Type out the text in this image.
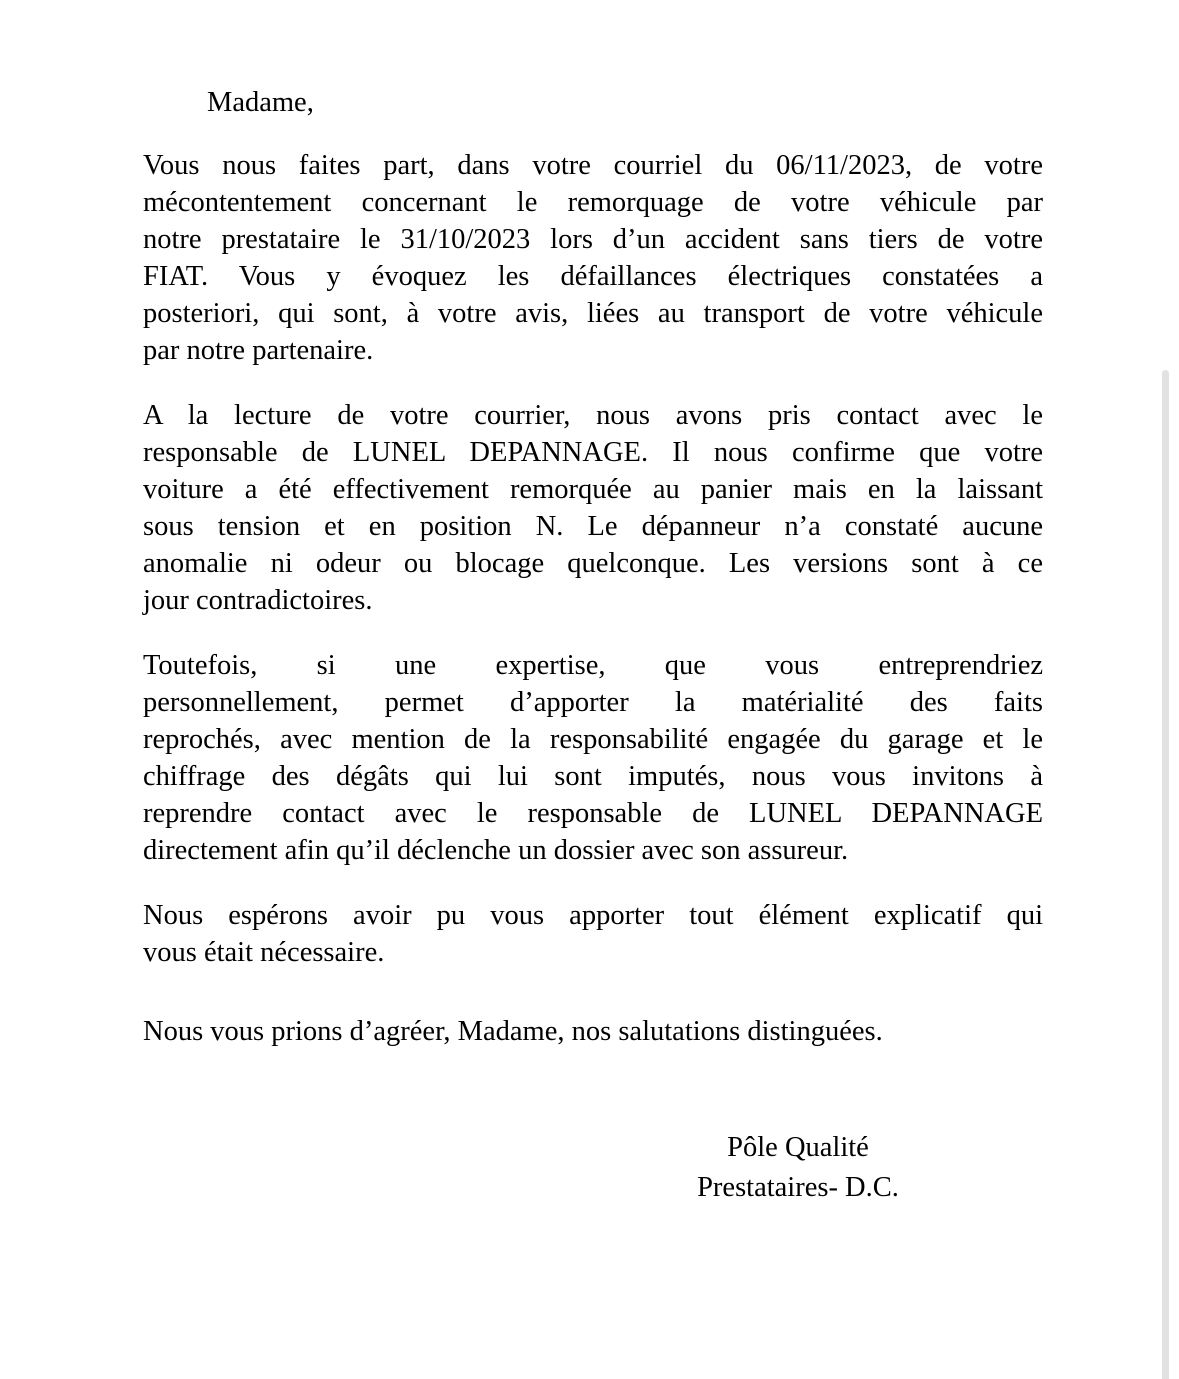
Madame,

Vous nous faites part, dans votre courriel du 06/11/2023, de votre
mécontentement concernant le remorquage de votre véhicule par
notre prestataire le 31/10/2023 lors d’un accident sans tiers de votre
FIAT. Vous y évoquez les défaillances électriques constatées a
posteriori, qui sont, à votre avis, liées au transport de votre véhicule
par notre partenaire.
A la lecture de votre courrier, nous avons pris contact avec le
responsable de LUNEL DEPANNAGE. Il nous confirme que votre
voiture a été effectivement remorquée au panier mais en la laissant
sous tension et en position N. Le dépanneur n’a constaté aucune
anomalie ni odeur ou blocage quelconque. Les versions sont à ce
jour contradictoires.
Toutefois, si une expertise, que vous entreprendriez
personnellement, permet d’apporter la matérialité des faits
reprochés, avec mention de la responsabilité engagée du garage et le
chiffrage des dégâts qui lui sont imputés, nous vous invitons à
reprendre contact avec le responsable de LUNEL DEPANNAGE
directement afin qu’il déclenche un dossier avec son assureur.
Nous espérons avoir pu vous apporter tout élément explicatif qui
vous était nécessaire.

Nous vous prions d’agréer, Madame, nos salutations distinguées.

Pôle Qualité
Prestataires- D.C.
